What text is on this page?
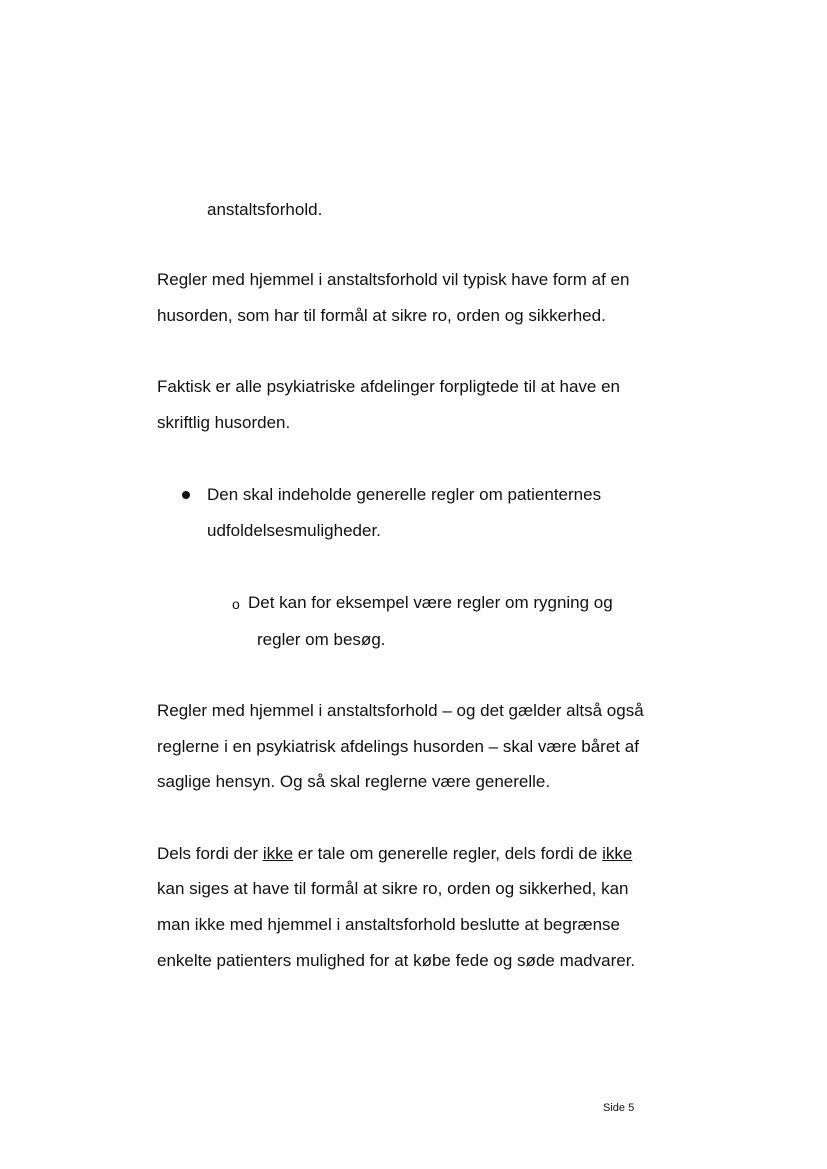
anstaltsforhold.
Regler med hjemmel i anstaltsforhold vil typisk have form af en
husorden, som har til formål at sikre ro, orden og sikkerhed.
Faktisk er alle psykiatriske afdelinger forpligtede til at have en
skriftlig husorden.
Den skal indeholde generelle regler om patienternes
udfoldelsesmuligheder.
o Det kan for eksempel være regler om rygning og
regler om besøg.
Regler med hjemmel i anstaltsforhold – og det gælder altså også
reglerne i en psykiatrisk afdelings husorden – skal være båret af
saglige hensyn. Og så skal reglerne være generelle.
Dels fordi der ikke er tale om generelle regler, dels fordi de ikke
kan siges at have til formål at sikre ro, orden og sikkerhed, kan
man ikke med hjemmel i anstaltsforhold beslutte at begrænse
enkelte patienters mulighed for at købe fede og søde madvarer.
Side 5
